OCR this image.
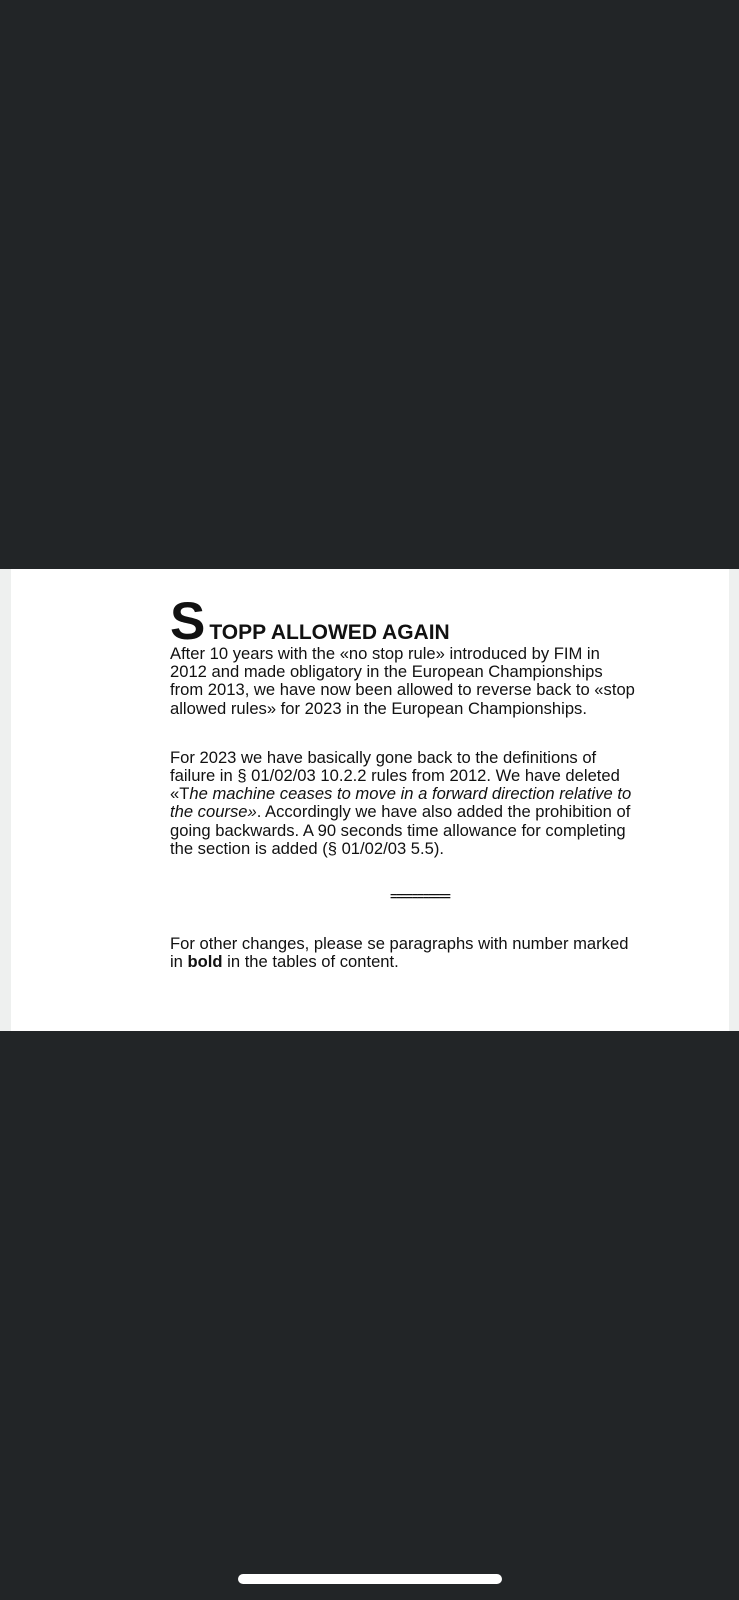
S TOPP ALLOWED AGAIN

After 10 years with the «no stop rule» introduced by FIM in 2012 and made obligatory in the European Championships from 2013, we have now been allowed to reverse back to «stop allowed rules» for 2023 in the European Championships.

For 2023 we have basically gone back to the definitions of failure in § 01/02/03 10.2.2 rules from 2012. We have deleted «The machine ceases to move in a forward direction relative to the course». Accordingly we have also added the prohibition of going backwards. A 90 seconds time allowance for completing the section is added (§ 01/02/03 5.5).

===========

For other changes, please se paragraphs with number marked in bold in the tables of content.
